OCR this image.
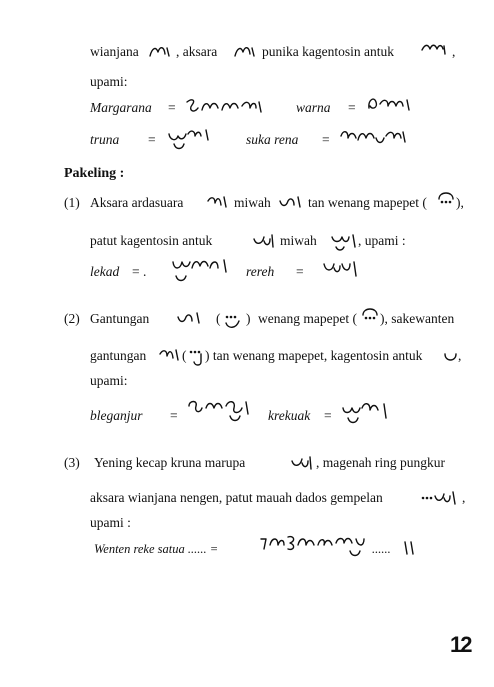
wianjana	, aksara	punika kagentosin antuk	,
upami:
Margarana =	warna =
truna =	suka rena =
Pakeling :
(1) Aksara ardasuara	miwah	tan wenang mapepet ( ),
patut kagentosin antuk	miwah	, upami :
lekad = .	rereh =
(2) Gantungan	( ) wenang mapepet ( ), sakewanten
gantungan	( ) tan wenang mapepet, kagentosin antuk	,
upami:
bleganjur =	krekuak =
(3) Yening kecap kruna marupa	, magenah ring pungkur
aksara wianjana nengen, patut mauah dados gempelan	,
upami :
Wenten reke satua ...... =	......
12
